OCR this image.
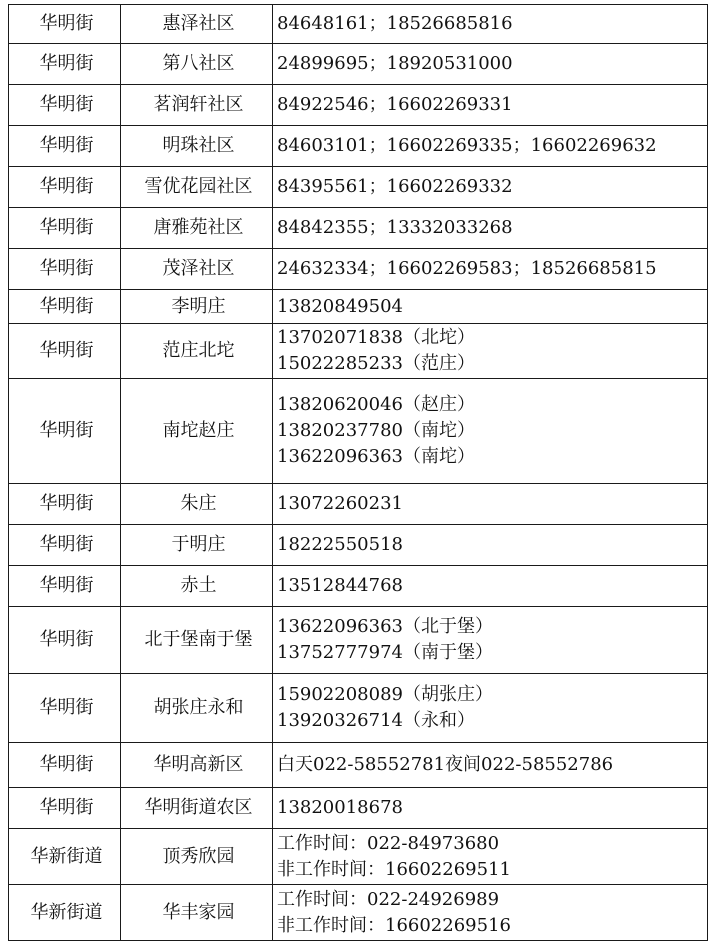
华明街	惠泽社区	84648161；18526685816

华明街	第八社区	24899695；18920531000

华明街	茗润轩社区	84922546；16602269331

华明街	明珠社区	84603101；16602269335；16602269632

华明街	雪优花园社区	84395561；16602269332

华明街	唐雅苑社区	84842355；13332033268

华明街	茂泽社区	24632334；16602269583；18526685815

华明街	李明庄	13820849504

华明街	范庄北坨	13702071838（北坨）
15022285233（范庄）

华明街	南坨赵庄	13820620046（赵庄）
13820237780（南坨）
13622096363（南坨）

华明街	朱庄	13072260231

华明街	于明庄	18222550518

华明街	赤土	13512844768

华明街	北于堡南于堡	13622096363（北于堡）
13752777974（南于堡）

华明街	胡张庄永和	15902208089（胡张庄）
13920326714（永和）

华明街	华明高新区	白天022-58552781夜间022-58552786

华明街	华明街道农区	13820018678

华新街道	顶秀欣园	工作时间：022-84973680
非工作时间：16602269511

华新街道	华丰家园	工作时间：022-24926989
非工作时间：16602269516
